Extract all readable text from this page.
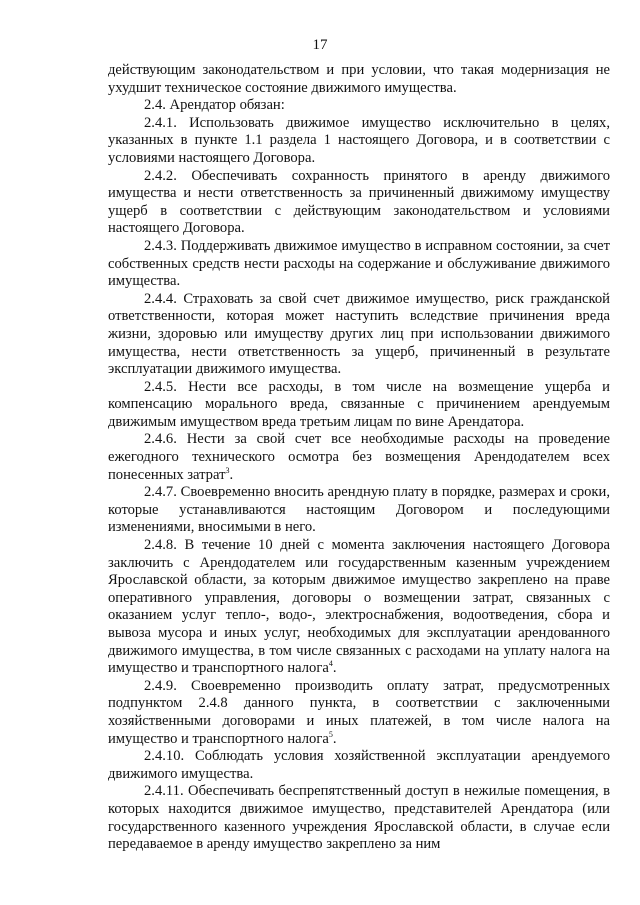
17

действующим законодательством и при условии, что такая модернизация не ухудшит техническое состояние движимого имущества.

2.4. Арендатор обязан:

2.4.1. Использовать движимое имущество исключительно в целях, указанных в пункте 1.1 раздела 1 настоящего Договора, и в соответствии с условиями настоящего Договора.

2.4.2. Обеспечивать сохранность принятого в аренду движимого имущества и нести ответственность за причиненный движимому имуществу ущерб в соответствии с действующим законодательством и условиями настоящего Договора.

2.4.3. Поддерживать движимое имущество в исправном состоянии, за счет собственных средств нести расходы на содержание и обслуживание движимого имущества.

2.4.4. Страховать за свой счет движимое имущество, риск гражданской ответственности, которая может наступить вследствие причинения вреда жизни, здоровью или имуществу других лиц при использовании движимого имущества, нести ответственность за ущерб, причиненный в результате эксплуатации движимого имущества.

2.4.5. Нести все расходы, в том числе на возмещение ущерба и компенсацию морального вреда, связанные с причинением арендуемым движимым имуществом вреда третьим лицам по вине Арендатора.

2.4.6. Нести за свой счет все необходимые расходы на проведение ежегодного технического осмотра без возмещения Арендодателем всех понесенных затрат$^3$.

2.4.7. Своевременно вносить арендную плату в порядке, размерах и сроки, которые устанавливаются настоящим Договором и последующими изменениями, вносимыми в него.

2.4.8. В течение 10 дней с момента заключения настоящего Договора заключить с Арендодателем или государственным казенным учреждением Ярославской области, за которым движимое имущество закреплено на праве оперативного управления, договоры о возмещении затрат, связанных с оказанием услуг тепло-, водо-, электроснабжения, водоотведения, сбора и вывоза мусора и иных услуг, необходимых для эксплуатации арендованного движимого имущества, в том числе связанных с расходами на уплату налога на имущество и транспортного налога$^4$.

2.4.9. Своевременно производить оплату затрат, предусмотренных подпунктом 2.4.8 данного пункта, в соответствии с заключенными хозяйственными договорами и иных платежей, в том числе налога на имущество и транспортного налога$^5$.

2.4.10. Соблюдать условия хозяйственной эксплуатации арендуемого движимого имущества.

2.4.11. Обеспечивать беспрепятственный доступ в нежилые помещения, в которых находится движимое имущество, представителей Арендатора (или государственного казенного учреждения Ярославской области, в случае если передаваемое в аренду имущество закреплено за ним
